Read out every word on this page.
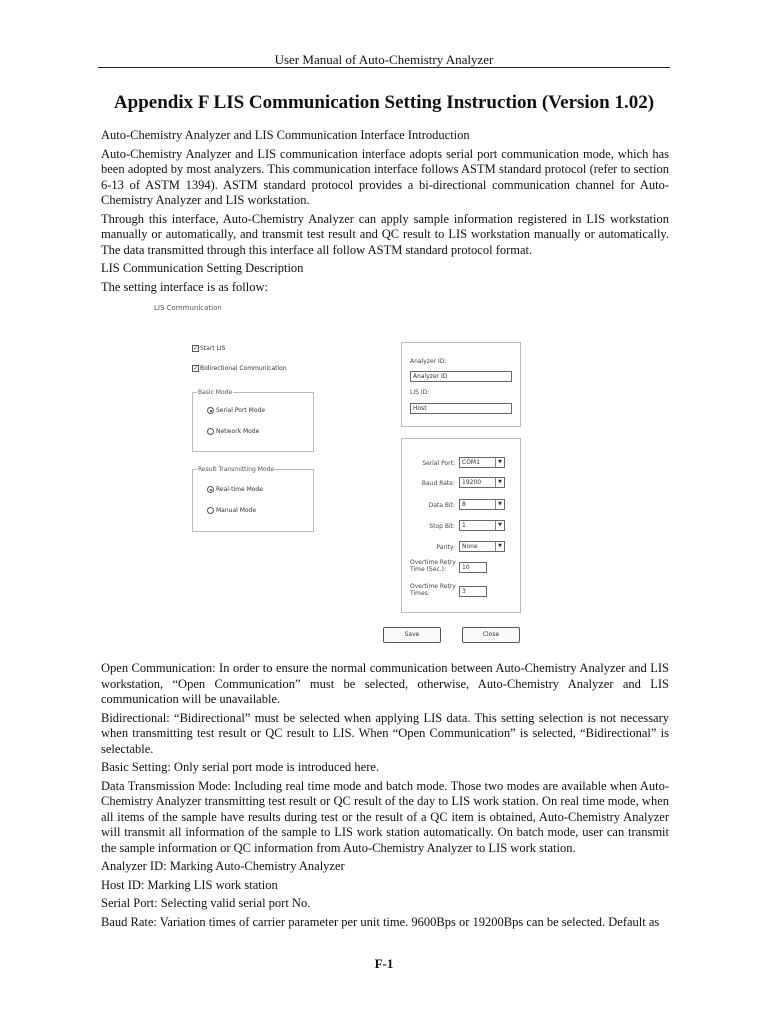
User Manual of Auto-Chemistry Analyzer
Appendix F LIS Communication Setting Instruction (Version 1.02)

Auto-Chemistry Analyzer and LIS Communication Interface Introduction

Auto-Chemistry Analyzer and LIS communication interface adopts serial port communication mode, which has been adopted by most analyzers. This communication interface follows ASTM standard protocol (refer to section 6-13 of ASTM 1394). ASTM standard protocol provides a bi-directional communication channel for Auto-Chemistry Analyzer and LIS workstation.

Through this interface, Auto-Chemistry Analyzer can apply sample information registered in LIS workstation manually or automatically, and transmit test result and QC result to LIS workstation manually or automatically. The data transmitted through this interface all follow ASTM standard protocol format.

LIS Communication Setting Description

The setting interface is as follow:

LIS Communication
✓ Start LIS
✓ Bidirectional Communication
Basic Mode
Serial Port Mode
Network Mode
Result Transmitting Mode
Real-time Mode
Manual Mode
Analyzer ID:
Analyzer ID
LIS ID:
Host
Serial Port:	COM1	▼
Baud Rate:	19200	▼
Data Bit:	8	▼
Stop Bit:	1	▼
Parity:	None	▼
Overtime Retry Time (Sec.):	10
Overtime Retry Times:	3
Save	Close

Open Communication: In order to ensure the normal communication between Auto-Chemistry Analyzer and LIS workstation, “Open Communication” must be selected, otherwise, Auto-Chemistry Analyzer and LIS communication will be unavailable.

Bidirectional: “Bidirectional” must be selected when applying LIS data. This setting selection is not necessary when transmitting test result or QC result to LIS. When “Open Communication” is selected, “Bidirectional” is selectable.

Basic Setting: Only serial port mode is introduced here.

Data Transmission Mode: Including real time mode and batch mode. Those two modes are available when Auto-Chemistry Analyzer transmitting test result or QC result of the day to LIS work station. On real time mode, when all items of the sample have results during test or the result of a QC item is obtained, Auto-Chemistry Analyzer will transmit all information of the sample to LIS work station automatically. On batch mode, user can transmit the sample information or QC information from Auto-Chemistry Analyzer to LIS work station.

Analyzer ID: Marking Auto-Chemistry Analyzer

Host ID: Marking LIS work station

Serial Port: Selecting valid serial port No.

Baud Rate: Variation times of carrier parameter per unit time. 9600Bps or 19200Bps can be selected. Default as

F-1
